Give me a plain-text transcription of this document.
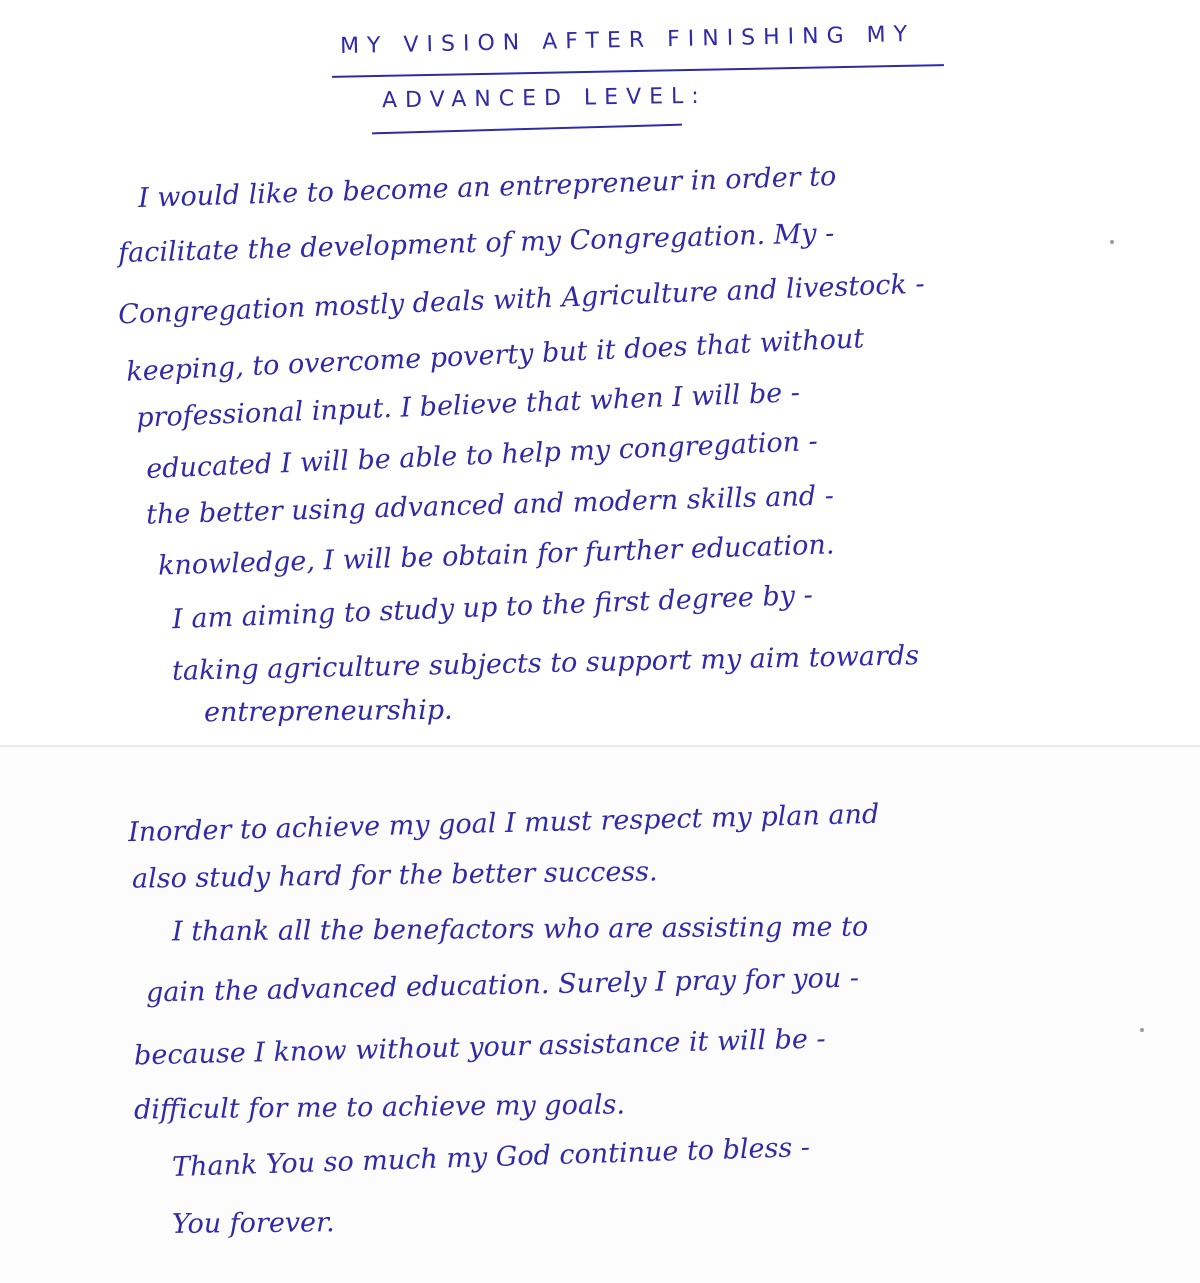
MY VISION AFTER FINISHING MY
ADVANCED LEVEL:
I would like to become an entrepreneur in order to
facilitate the development of my Congregation. My -
Congregation mostly deals with Agriculture and livestock -
keeping, to overcome poverty but it does that without
professional input. I believe that when I will be -
educated I will be able to help my congregation -
the better using advanced and modern skills and -
knowledge, I will be obtain for further education.
I am aiming to study up to the first degree by -
taking agriculture subjects to support my aim towards
entrepreneurship.
Inorder to achieve my goal I must respect my plan and
also study hard for the better success.
I thank all the benefactors who are assisting me to
gain the advanced education. Surely I pray for you -
because I know without your assistance it will be -
difficult for me to achieve my goals.
Thank You so much my God continue to bless -
You forever.
